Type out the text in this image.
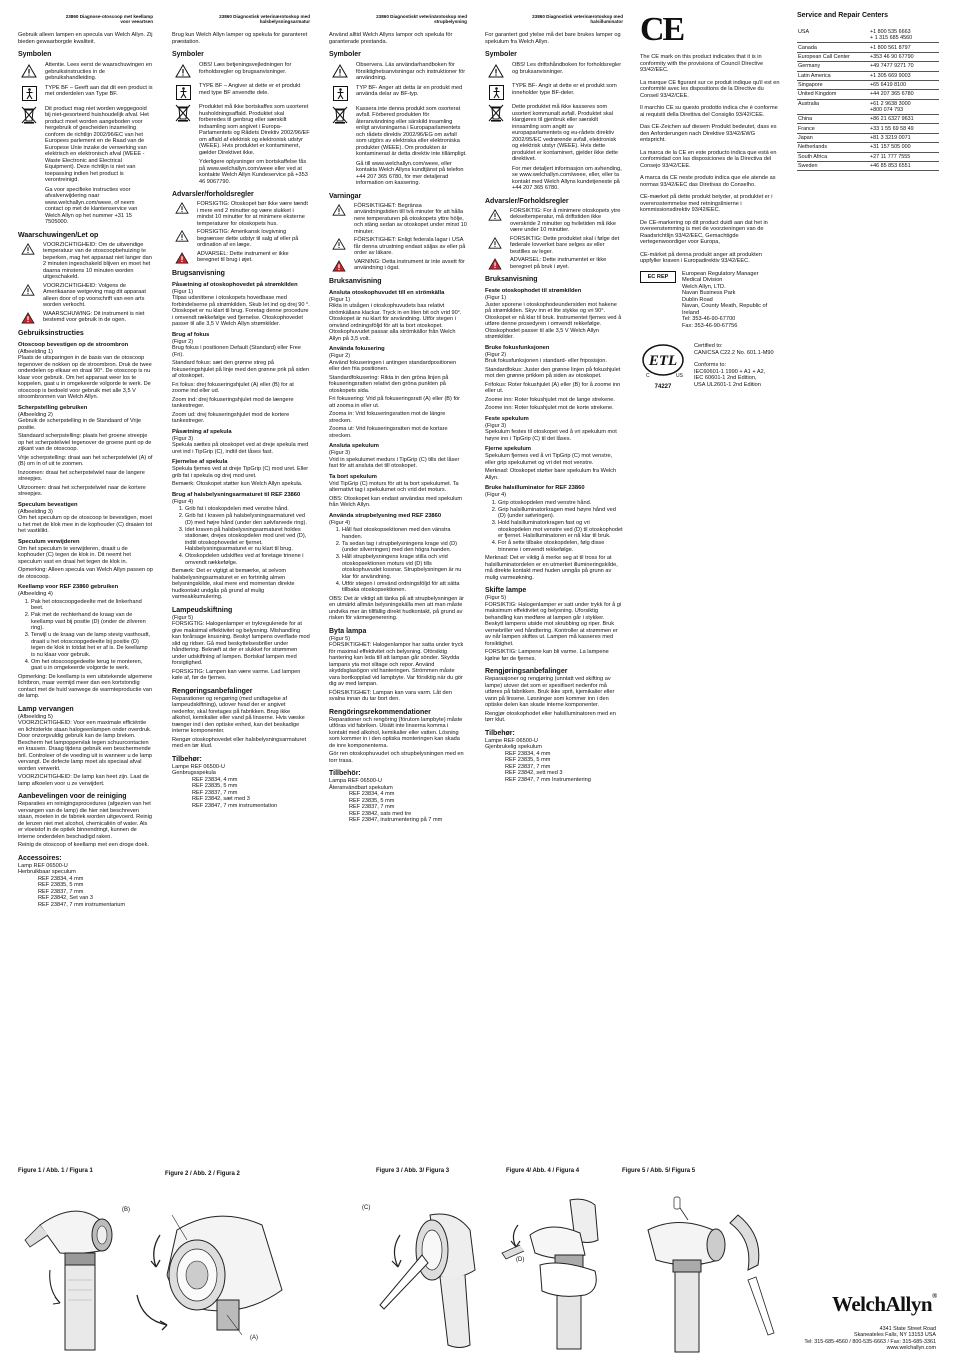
23860 Diagnose-otoscoop met keellamp
voor veeartsen

Gebruik alleen lampen en specula van Welch Allyn. Zij bieden gewaarborgde kwaliteit.

Symbolen
Attentie. Lees eerst de waarschuwingen en gebruiksinstructies in de gebruikshandleiding.
TYPE BF – Geeft aan dat dit een product is met onderdelen van Type BF.
Dit product mag niet worden weggegooid bij niet-gesorteerd huishoudelijk afval. Het product moet worden aangeboden voor hergebruik of gescheiden inzameling conform de richtlijn 2002/96/EC van het Europees parlement en de Raad van de Europese Unie inzake de verwerking van elektrisch en elektronisch afval (WEEE - Waste Electronic and Electrical Equipment). Deze richtlijn is niet van toepassing indien het product is verontreinigd.

Ga voor specifieke instructies voor afvalverwijdering naar www.welchallyn.com/weee, of neem contact op met de klantenservice van Welch Allyn op het nummer +31 15 7505000.

Waarschuwingen/Let op
VOORZICHTIGHEID: Om de uitwendige temperatuur van de otoscoopbehuizing te beperken, mag het apparaat niet langer dan 2 minuten ingeschakeld blijven en moet het daarna minstens 10 minuten worden uitgeschakeld.
VOORZICHTIGHEID: Volgens de Amerikaanse wetgeving mag dit apparaat alleen door of op voorschrift van een arts worden verkocht.
WAARSCHUWING: Dit instrument is niet bestemd voor gebruik in de ogen.
Gebruiksinstructies
Otoscoop bevestigen op de stroombron

(Afbeelding 1)

Plaats de uitsparingen in de basis van de otoscoop tegenover de nokken op de stroombron. Druk de twee onderdelen op elkaar en draai 90°. De otoscoop is nu klaar voor gebruik. Om het apparaat weer los te koppelen, gaat u in omgekeerde volgorde te werk. De otoscoop is bedoeld voor gebruik met alle 3,5 V stroombronnen van Welch Allyn.

Scherpstelling gebruiken

(Afbeelding 2)

Gebruik de scherpstelling in de Standaard of Vrije positie.

Standaard scherpstelling: plaats het groene streepje op het scherpstelwiel tegenover de groene punt op de zijkant van de otoscoop.

Vrije scherpstelling: draai aan het scherpstelwiel (A) of (B) om in of uit te zoomen.

Inzoomen: draai het scherpstelwiel naar de langere streepjes.

Uitzoomen: draai het scherpstelwiel naar de kortere streepjes.

Speculum bevestigen

(Afbeelding 3)

Om het speculum op de otoscoop te bevestigen, moet u het met de klok mee in de kophouder (C) draaien tot het vastklikt.

Speculum verwijderen

Om het speculum te verwijderen, draait u de kophouder (C) tegen de klok in. Dit neemt het speculum vast en draai het tegen de klok in.

Opmerking: Alleen specula van Welch Allyn passen op de otoscoop.

Keellamp voor REF 23860 gebruiken

(Afbeelding 4)

1. Pak het otoscoopgedeelte met de linkerhand beet.
2. Pak met de rechterhand de kraag van de keellamp vast bij positie (D) (onder de zilveren ring).
3. Terwijl u de kraag van de lamp stevig vasthoudt, draait u het otoscoopgedeelte bij positie (D) tegen de klok in totdat het er af is. De keellamp is nu klaar voor gebruik.
4. Om het otoscoopgedeelte terug te monteren, gaat u in omgekeerde volgorde te werk.

Opmerking: De keellamp is een uitstekende algemene lichtbron, maar vermijd meer dan een kortstondig contact met de huid vanwege de warmteproductie van de lamp.

Lamp vervangen

(Afbeelding 5)

VOORZICHTIGHEID: Voor een maximale efficiëntie en lichtsterkte staan halogeenlampen onder overdruk. Door onzorgvuldig gebruik kan de lamp breken. Bescherm het lampoppervlak tegen schuurcontacten en krassen. Draag tijdens gebruik een beschermende bril. Controleer of de voeding uit is wanneer u de lamp vervangt. De defecte lamp moet als speciaal afval worden verwerkt.

VOORZICHTIGHEID: De lamp kan heet zijn. Laat de lamp afkoelen voor u ze verwijdert.

Aanbevelingen voor de reiniging

Reparaties en reinigingsprocedures (afgezien van het vervangen van de lamp) die hier niet beschreven staan, moeten in de fabriek worden uitgevoerd. Reinig de lenzen niet met alcohol, chemicaliën of water. Als er vloeistof in de optiek binnendringt, kunnen de interne onderdelen beschadigd raken.

Reinig de otoscoop of keellamp met een droge doek.

Accessoires:
Lamp REF 06500-U
Herbruikbaar speculum
REF 23834, 4 mm
REF 23835, 5 mm
REF 23837, 7 mm
REF 23842, Set van 3
REF 23847, 7 mm instrumentarium
23860 Diagnostisk veterinærotoskop med
halsbelysningsarmatur

Brug kun Welch Allyn lamper og spekula for garanteret præstation.

Symboler
OBS! Læs betjeningsvejledningen for forholdsregler og brugsanvisninger.
TYPE BF – Angiver at dette er et produkt med type BF anvendte dele.
Produktet må ikke bortskaffes som usorteret husholdningsaffald. Produktet skal forberedes til genbrug eller særskilt indsamling som angivet i Europa-Parlamentets og Rådets Direktiv 2002/96/EF om affald af elektrisk og elektronisk udstyr (WEEE). Hvis produktet er kontamineret, gælder Direktivet ikke.

Yderligere oplysninger om bortskaffelse fås på www.welchallyn.com/weee eller ved at kontakte Welch Allyn Kundeservice på +353 46 9067790.

Advarsler/forholdsregler
FORSIGTIG: Otoskopet bør ikke være tændt i mere end 2 minutter og være slukket i mindst 10 minutter for at minimere eksterne temperaturer for otoskopets hus.
FORSIGTIG: Amerikansk lovgivning begrænser dette udstyr til salg af eller på ordination af en læge.
ADVARSEL: Dette instrument er ikke beregnet til brug i øjet.
Brugsanvisning
Påsætning af otoskophovedet på strømkilden

(Figur 1)

Tilpas udsnittene i otoskopets hovedbase med forbindelserne på strømkilden. Skub let ind og drej 90 °. Otoskopet er nu klart til brug. Foretag denne procedure i omvendt rækkefølge ved fjernelse. Otoskophovedet passer til alle 3,5 V Welch Allyn strømkilder.

Brug af fokus

(Figur 2)

Brug fokus i positionen Default (Standard) eller Free (Fri).

Standard fokus: sæt den grønne streg på fokuseringshjulet på linje med den grønne prik på siden af otoskopet.

Fri fokus: drej fokuseringshjulet (A) eller (B) for at zoome ind eller ud.

Zoom ind: drej fokuseringshjulet mod de længere tankestreger.

Zoom ud: drej fokuseringshjulet mod de kortere tankestreger.

Påsætning af spekula

(Figur 3)

Spekula sættes på otoskopet ved at dreje spekula med uret ind i TipGrip (C), indtil det låses fast.

Fjernelse af spekula

Spekula fjernes ved at dreje TipGrip (C) mod uret. Eller grib fat i spekula og drej mod uret.

Bemærk: Otoskopet støtter kun Welch Allyn spekula.

Brug af halsbelysningsarmaturet til REF 23860

(Figur 4)

1. Grib fat i otoskopdelen med venstre hånd.
2. Grib fat i kraven på halsbelysningsarmaturet ved (D) med højre hånd (under den sølvfarvede ring).
3. Idet kraven på halsbelysningsarmaturet holdes stationær, drejes otoskopdelen mod uret ved (D), indtil otoskophovedet er fjernet. Halsbelysningsarmaturet er nu klart til brug.
4. Otoskopdelen udskiftes ved at foretage trinene i omvendt rækkefølge.

Bemærk: Det er vigtigt at bemærke, at selvom halsbelysningsarmaturet er en fortrinlig almen belysningskilde, skal mere end momentan direkte hudkontakt undgås på grund af mulig varmeakkumulering.

Lampeudskiftning

(Figur 5)

FORSIGTIG: Halogenlamper er trykregulerede for at give maksimal effektivitet og belysning. Mishandling kan forårsage knusning. Beskyt lampens overflade mod slid og ridser. Gå med beskyttelsesbriller under håndtering. Bekræft at der er slukket for strømmen under udskiftning af lampen. Bortskaf lampen med forsigtighed.

FORSIGTIG: Lampen kan være varme. Lad lampen køle af, før de fjernes.

Rengøringsanbefalinger

Reparationer og rengøring (med undtagelse af lampeudskiftning), udover hvad der er angivet nedenfor, skal foretages på fabrikken. Brug ikke alkohol, kemikalier eller vand på linserne. Hvis væske trænger ind i den optiske enhed, kan det beskadige interne komponenter.

Rengør otoskophovedet eller halsbelysningsarmaturet med en tør klud.

Tilbehør:
Lampe REF 06500-U
Genbrugsspekula
REF 23834, 4 mm
REF 23835, 5 mm
REF 23837, 7 mm
REF 23842, sæt med 3
REF 23847, 7 mm instrumentation
23860 Diagnostiskt veterinärotoskop med
strupbelysning

Använd alltid Welch Allyns lampor och spekula för garanterade prestanda.

Symboler
Observera. Läs användarhandboken för försiktighetsanvisningar och instruktioner för användning.
TYP BF- Anger att detta är en produkt med använda delar av BF-typ.
Kassera inte denna produkt som osorterat avfall. Förbered produkten för återanvändning eller särskild insamling enligt anvisningarna i Europaparlamentets och rådets direktiv 2002/96/EG om avfall som utgörs av elektriska eller elektroniska produkter (WEEE). Om produkten är kontaminerad är detta direktiv inte tillämpligt.

Gå till www.welchallyn.com/weee, eller kontakta Welch Allyns kundtjänst på telefon +44 207 365 6780, för mer detaljerad information om kassering.

Varningar
FÖRSIKTIGHET: Begränsa användningstiden till två minuter för att hålla nere temperaturen på otoskopets yttre hölje, och stäng sedan av otoskopet under minst 10 minuter.
FÖRSIKTIGHET: Enligt federala lagar i USA får denna utrustning endast säljas av eller på order av läkare.
VARNING: Detta instrument är inte avsett för användning i ögat.
Bruksanvisning
Ansluta otoskophuvudet till en strömkälla

(Figur 1)

Rikta in utsågen i otoskophuvudets bas relativt strömkällans klackar. Tryck in en liten bit och vrid 90°. Otoskopet är nu klart för användning. Utför stegen i omvänd ordningsföljd för att ta bort otoskopet. Otoskophuvudet passar alla strömkällor från Welch Allyn på 3,5 volt.

Använda fokusering

(Figur 2)

Använd fokuseringen i antingen standardpositionen eller den fria positionen.

Standardfokusering: Rikta in den gröna linjen på fokuseringsratten relativt den gröna punkten på otoskopets sida.

Fri fokusering: Vrid på fokuseringsratt (A) eller (B) för att zooma in eller ut.

Zooma in: Vrid fokuseringsratten mot de längre strecken.

Zooma ut: Vrid fokuseringsratten mot de kortare strecken.

Ansluta spekulum

(Figur 3)

Vrid in spekulumet medurs i TipGrip (C) tills det låser fast för att ansluta det till otoskopet.

Ta bort spekulum

Vrid TipGrip (C) moturs för att ta bort spekulumet. Ta alternativt tag i spekulumet och vrid det moturs.

OBS: Otoskopet kan endast användas med spekulum från Welch Allyn.

Använda strupbelysning med REF 23860

(Figur 4)

1. Håll fast otoskopsektionen med den vänstra handen.
2. Ta sedan tag i strupbelysningens krage vid (D) (under silverringen) med den högra handen.
3. Håll strupbelysningens krage stilla och vrid otoskopsektionen moturs vid (D) tills otoskophuvudet lossnar. Strupbelysningen är nu klar för användning.
4. Utför stegen i omvänd ordningsföljd för att sätta tillbaka otoskopsektionen.

OBS: Det är viktigt att tänka på att strupbelysningen är en utmärkt allmän belysningskälla men att man måste undvika mer än tillfällig direkt hudkontakt, på grund av risken för värmegenerering.

Byta lampa

(Figur 5)

FÖRSIKTIGHET: Halogenlampor har satta under tryck för maximal effektivitet och belysning. Oförsiktig hantering kan leda till att lampan går sönder. Skydda lampans yta mot slitage och repor. Använd skyddsglasögon vid hanteringen. Strömmen måste vara bortkopplad vid lampbyte. Var försiktig när du gör dig av med lampan.

FÖRSIKTIGHET: Lampan kan vara varm. Låt den svalna innan du tar bort den.

Rengöringsrekommendationer

Reparationer och rengöring (förutom lampbyte) måste utföras vid fabriken. Utsätt inte linserna komma i kontakt med alkohol, kemikalier eller vatten. Lösning som kommer in i den optiska monteringen kan skada de inre komponenterna.

Gör ren otoskophuvudet och strupbelysningen med en torr trasa.

Tillbehör:
Lampa REF 06500-U
Återanvändbart spekulum
REF 23834, 4 mm
REF 23835, 5 mm
REF 23837, 7 mm
REF 23842, sats med tre
REF 23847, instrumentering på 7 mm
23860 Diagnostisk veterinærotoskop med
halsilluminator

For garantert god ytelse må det bare brukes lamper og spekulum fra Welch Allyn.

Symboler
OBS! Les driftshåndboken for forholdsregler og bruksanvisninger.
TYPE BF- Angir at dette er et produkt som inneholder type BF-deler.
Dette produktet må ikke kasseres som usortert kommunalt avfall. Produktet skal klargjøres til gjenbruk eller særskilt innsamling som angitt av europaparlamentets og eu-rådets direktiv 2002/95/EC vedrørende avfall, elektronisk og elektrisk utstyr (WEEE). Hvis dette produktet er kontaminert, gjelder ikke dette direktivet.

For mer detaljert informasjon om avhending, se www.welchallyn.com/weee, eller, eller ta kontakt med Welch Allyns kundetjeneste på +44 207 365 6780.

Advarsler/Forholdsregler
FORSIKTIG: For å minimere otoskopets ytre dekseltemperatur, må driftstiden ikke overskride 2 minutter og hviletiden må ikke være under 10 minutter.
FORSIKTIG: Dette produktet skal i følge det føderale lovverket bare selges av eller bestilles av leger.
ADVARSEL: Dette instrumentet er ikke beregnet på bruk i øyet.
Bruksanvisning
Feste otoskophodet til strømkilden

(Figur 1)

Juster sporene i otoskophodeundersiden mot hakene på strømkilden. Skyv inn et lite stykke og vri 90°. Otoskopet er nå klar til bruk. Instrumentet fjernes ved å utføre denne prosedyren i omvendt rekkefølge. Otoskophodet passer til alle 3,5 V Welch Allyn strømkilder.

Bruke fokusfunksjonen

(Figur 2)

Bruk fokusfunksjonen i standard- eller friposisjon.

Standardfokus: Juster den grønne linjen på fokushjulet mot den grønne prikken på siden av otoskopet.

Frifokus: Roter fokushjulet (A) eller (B) for å zoome inn eller ut.

Zoome inn: Roter fokushjulet mot de lange strekene.

Zoome inn: Roter fokushjulet mot de korte strekene.

Feste spekulum

(Figur 3)

Spekulum festes til otoskopet ved å vri spekulum mot høyre inn i TipGrip (C) til det låses.

Fjerne spekulum

Spekulum fjernes ved å vri TipGrip (C) mot venstre, eller grip spekulumet og vri det mot venstre.

Merknad: Otoskopet støtter bare spekulum fra Welch Allyn.

Bruke halsilluminator for REF 23860

(Figur 4)

1. Grip otoskopdelen med venstre hånd.
2. Grip halsilluminatorkragen med høyre hånd ved (D) (under sølvringen).
3. Hold halsilluminatorkragen fast og vri otoskopdelen mot venstre ved (D) til otoskophodet er fjernet. Halsilluminatoren er nå klar til bruk.
4. For å sette tilbake otoskopdelen, følg disse trinnene i omvendt rekkefølge.

Merknad: Det er viktig å merke seg at til tross for at halsilluminatordelen er en utmerket illumineringskilde, må direkte kontakt med huden unngås på grunn av mulig varmeøkning.

Skifte lampe

(Figur 5)

FORSIKTIG: Halogenlamper er satt under trykk for å gi maksimum effektivitet og belysning. Uforsiktig behandling kan medføre at lampen går i stykker. Beskytt lampens utside mot skrubbing og riper. Bruk vernebriller ved håndtering. Kontroller at strømmen er av når lampen skiftes ut. Lampen må kasseres med forsiktighet.

FORSIKTIG: Lampene kan bli varme. La lampene kjølne før de fjernes.

Rengjøringsanbefalinger

Reparasjoner og rengjøring (unntatt ved skifting av lampe) utover det som er spesifisert nedenfor må utføres på fabrikken. Bruk ikke sprit, kjemikalier eller vann på linsene. Løsninger som kommer inn i den optiske delen kan skade interne komponenter.

Rengjør otoskophodet eller halsilluminatoren med en tørr klut.

Tilbehør:
Lampe REF 06500-U
Gjenbrukelig spekulum
REF 23834, 4 mm
REF 23835, 5 mm
REF 23837, 7 mm
REF 23842, sett med 3
REF 23847, 7 mm Instrumentering
CE
The CE mark on this product indicates that it is in conformity with the provisions of Council Directive 93/42/EEC.
La marque CE figurant sur ce produit indique qu'il est en conformité avec les dispositions de la Directive du Conseil 93/42/CEE.
Il marchio CE su questo prodotto indica che è conforme ai requisiti della Direttiva del Consiglio 93/42/CEE.
Das CE-Zeichen auf diesem Produkt bedeutet, dass es den Anforderungen nach Direktive 93/42/EWG entspricht.
La marca de la CE en este producto indica que está en conformidad con las disposiciones de la Directiva del Consejo 93/42/CEE.
A marca da CE neste produto indica que ele atende as normas 93/42/EEC das Diretivas do Conselho.
CE-mærket på dette produkt betyder, at produktet er i overensstemmelse med retningslinierne i kommissionsdirektiv 93/42/EEC.
De CE-markering op dit product duidt aan dat het in overeenstemming is met de voorzieningen van de Raadsrichtlijn 93/42/EEC, Gemachtigde vertegenwoordiger voor Europa,
CE-märket på denna produkt anger att produkten uppfyller kraven i Europadirektiv 93/42/EEC.
EC REP	European Regulatory Manager
Medical Division
Welch Allyn, LTD.
Navan Business Park
Dublin Road
Navan, County Meath, Republic of Ireland
Tel: 353-46-90-67700
Fax: 353-46-90-67756
ETL
C	US
74227
Certified to:
CAN/CSA C22.2 No. 601.1-M90
Conforms to:
IEC60601-1 1990 + A1 + A2,
IEC 60601-1 2nd Edition,
USA UL2601-1 2nd Edition
Service and Repair Centers
USA	+1 800 535 6663
+ 1 315 685 4560
Canada	+1 800 561 8797
European Call Center	+353 46 90 67790
Germany	+49 7477 9271 70
Latin America	+1 305 669 9003
Singapore	+65 6419 8100
United Kingdom	+44 207 365 6780
Australia	+61 2 9638 3000
+800 074 793
China	+86 21 6327 9631
France	+33 1 55 69 58 49
Japan	+81 3 3219 0071
Netherlands	+31 157 505 000
South Africa	+27 11 777 7555
Sweden	+46 85 853 6551
Figure 1 / Abb. 1 / Figura 1	Figure 2 / Abb. 2 / Figura 2	Figure 3 / Abb. 3/ Figura 3	Figure 4/ Abb. 4 / Figura 4	Figure 5 / Abb. 5/ Figura 5
(B)
(A)
(C)
(D)
WelchAllyn®
4341 State Street Road
Skaneateles Falls, NY 13153 USA
Tel: 315-685-4560 / 800-535-6663 / Fax: 315-685-3361
www.welchallyn.com
